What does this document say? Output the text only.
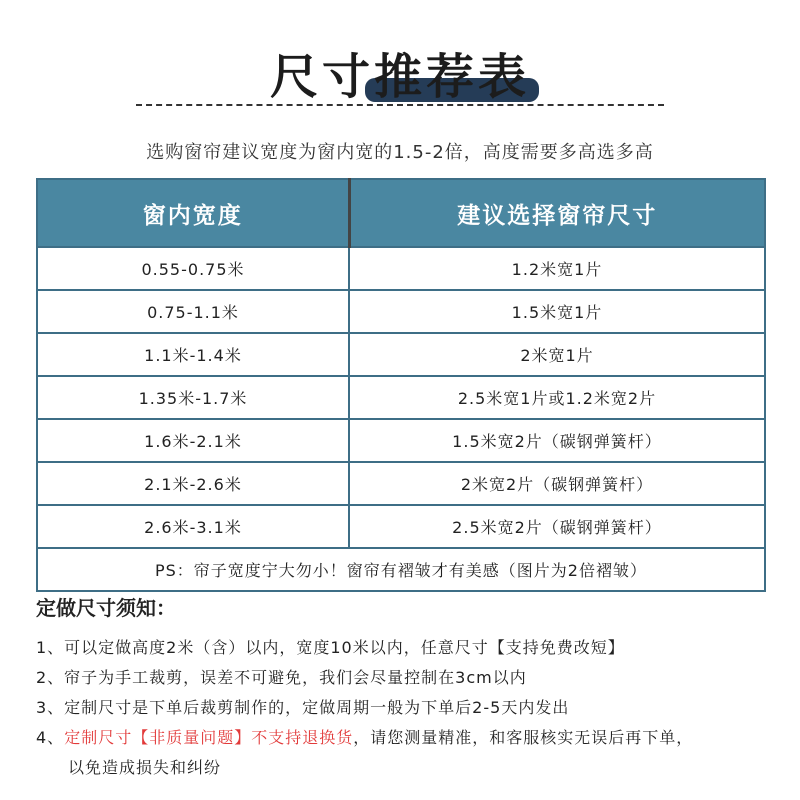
尺寸推荐表
选购窗帘建议宽度为窗内宽的1.5-2倍，高度需要多高选多高
窗内宽度	建议选择窗帘尺寸
0.55-0.75米	1.2米宽1片
0.75-1.1米	1.5米宽1片
1.1米-1.4米	2米宽1片
1.35米-1.7米	2.5米宽1片或1.2米宽2片
1.6米-2.1米	1.5米宽2片（碳钢弹簧杆）
2.1米-2.6米	2米宽2片（碳钢弹簧杆）
2.6米-3.1米	2.5米宽2片（碳钢弹簧杆）
PS：帘子宽度宁大勿小！窗帘有褶皱才有美感（图片为2倍褶皱）	
定做尺寸须知：
1、可以定做高度2米（含）以内，宽度10米以内，任意尺寸【支持免费改短】
2、帘子为手工裁剪，误差不可避免，我们会尽量控制在3cm以内
3、定制尺寸是下单后裁剪制作的，定做周期一般为下单后2-5天内发出
4、定制尺寸【非质量问题】不支持退换货，请您测量精准，和客服核实无误后再下单，
以免造成损失和纠纷
